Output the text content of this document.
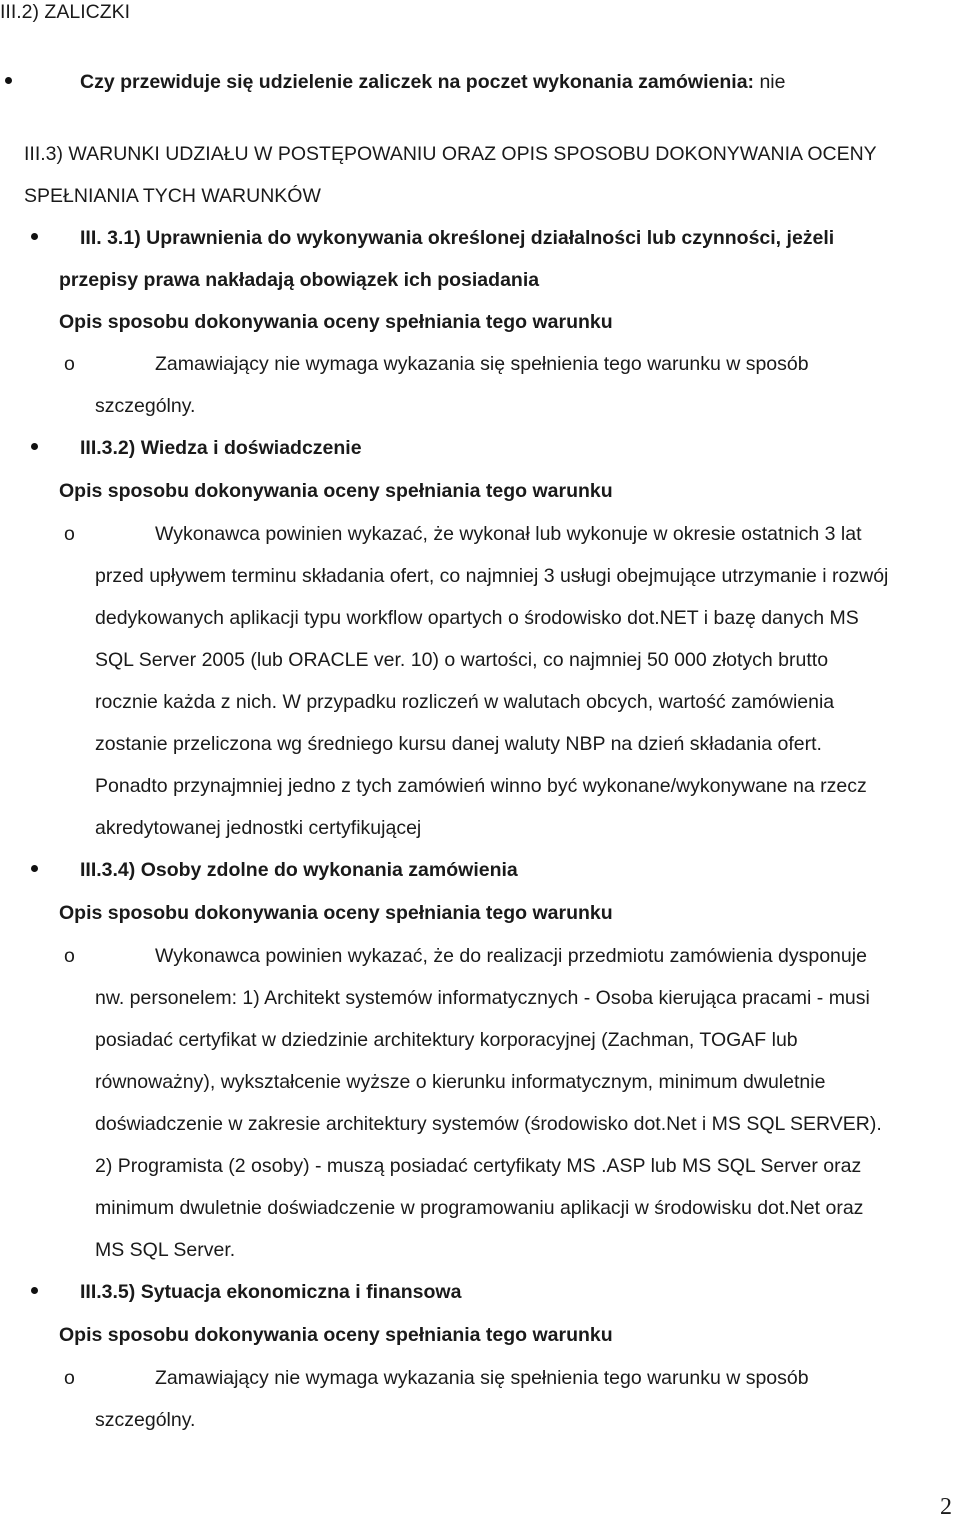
III.2) ZALICZKI
Czy przewiduje się udzielenie zaliczek na poczet wykonania zamówienia: nie
III.3) WARUNKI UDZIAŁU W POSTĘPOWANIU ORAZ OPIS SPOSOBU DOKONYWANIA OCENY
SPEŁNIANIA TYCH WARUNKÓW
III. 3.1) Uprawnienia do wykonywania określonej działalności lub czynności, jeżeli
przepisy prawa nakładają obowiązek ich posiadania
Opis sposobu dokonywania oceny spełniania tego warunku
o	Zamawiający nie wymaga wykazania się spełnienia tego warunku w sposób
szczególny.
III.3.2) Wiedza i doświadczenie
Opis sposobu dokonywania oceny spełniania tego warunku
o	Wykonawca powinien wykazać, że wykonał lub wykonuje w okresie ostatnich 3 lat
przed upływem terminu składania ofert, co najmniej 3 usługi obejmujące utrzymanie i rozwój
dedykowanych aplikacji typu workflow opartych o środowisko dot.NET i bazę danych MS
SQL Server 2005 (lub ORACLE ver. 10) o wartości, co najmniej 50 000 złotych brutto
rocznie każda z nich. W przypadku rozliczeń w walutach obcych, wartość zamówienia
zostanie przeliczona wg średniego kursu danej waluty NBP na dzień składania ofert.
Ponadto przynajmniej jedno z tych zamówień winno być wykonane/wykonywane na rzecz
akredytowanej jednostki certyfikującej
III.3.4) Osoby zdolne do wykonania zamówienia
Opis sposobu dokonywania oceny spełniania tego warunku
o	Wykonawca powinien wykazać, że do realizacji przedmiotu zamówienia dysponuje
nw. personelem: 1) Architekt systemów informatycznych - Osoba kierująca pracami - musi
posiadać certyfikat w dziedzinie architektury korporacyjnej (Zachman, TOGAF lub
równoważny), wykształcenie wyższe o kierunku informatycznym, minimum dwuletnie
doświadczenie w zakresie architektury systemów (środowisko dot.Net i MS SQL SERVER).
2) Programista (2 osoby) - muszą posiadać certyfikaty MS .ASP lub MS SQL Server oraz
minimum dwuletnie doświadczenie w programowaniu aplikacji w środowisku dot.Net oraz
MS SQL Server.
III.3.5) Sytuacja ekonomiczna i finansowa
Opis sposobu dokonywania oceny spełniania tego warunku
o	Zamawiający nie wymaga wykazania się spełnienia tego warunku w sposób
szczególny.
2
